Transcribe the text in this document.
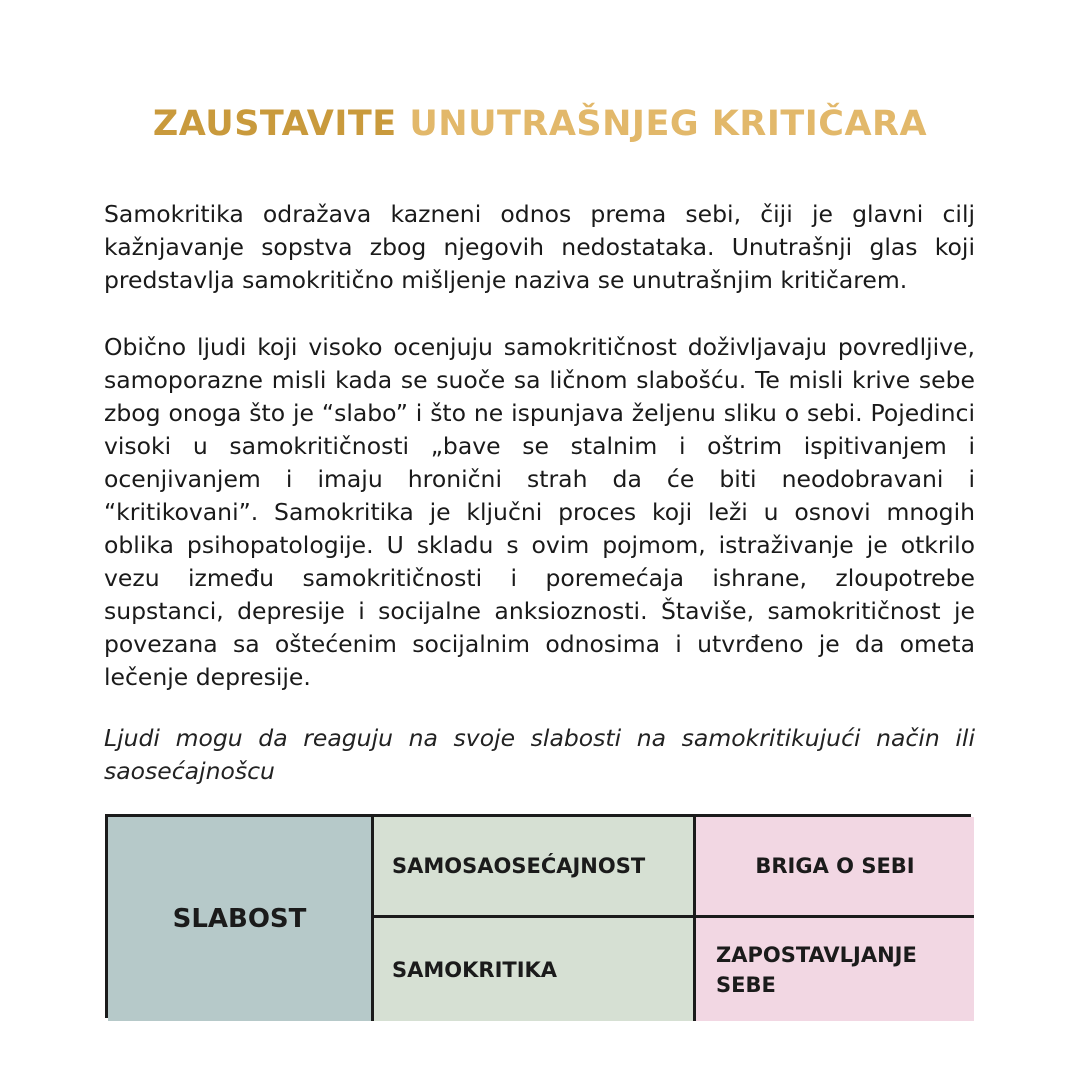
ZAUSTAVITE UNUTRAŠNJEG KRITIČARA

Samokritika odražava kazneni odnos prema sebi, čiji je glavni cilj kažnjavanje sopstva zbog njegovih nedostataka. Unutrašnji glas koji predstavlja samokritično mišljenje naziva se unutrašnjim kritičarem.

Obično ljudi koji visoko ocenjuju samokritičnost doživljavaju povredljive, samoporazne misli kada se suoče sa ličnom slabošću. Te misli krive sebe zbog onoga što je “slabo” i što ne ispunjava željenu sliku o sebi. Pojedinci visoki u samokritičnosti „bave se stalnim i oštrim ispitivanjem i ocenjivanjem i imaju hronični strah da će biti neodobravani i “kritikovani”. Samokritika je ključni proces koji leži u osnovi mnogih oblika psihopatologije. U skladu s ovim pojmom, istraživanje je otkrilo vezu između samokritičnosti i poremećaja ishrane, zloupotrebe supstanci, depresije i socijalne anksioznosti. Štaviše, samokritičnost je povezana sa oštećenim socijalnim odnosima i utvrđeno je da ometa lečenje depresije.

Ljudi mogu da reaguju na svoje slabosti na samokritikujući način ili saosećajnošcu

SLABOST
SAMOSAOSEĆAJNOST	BRIGA O SEBI
SAMOKRITIKA
ZAPOSTAVLJANJE
SEBE
